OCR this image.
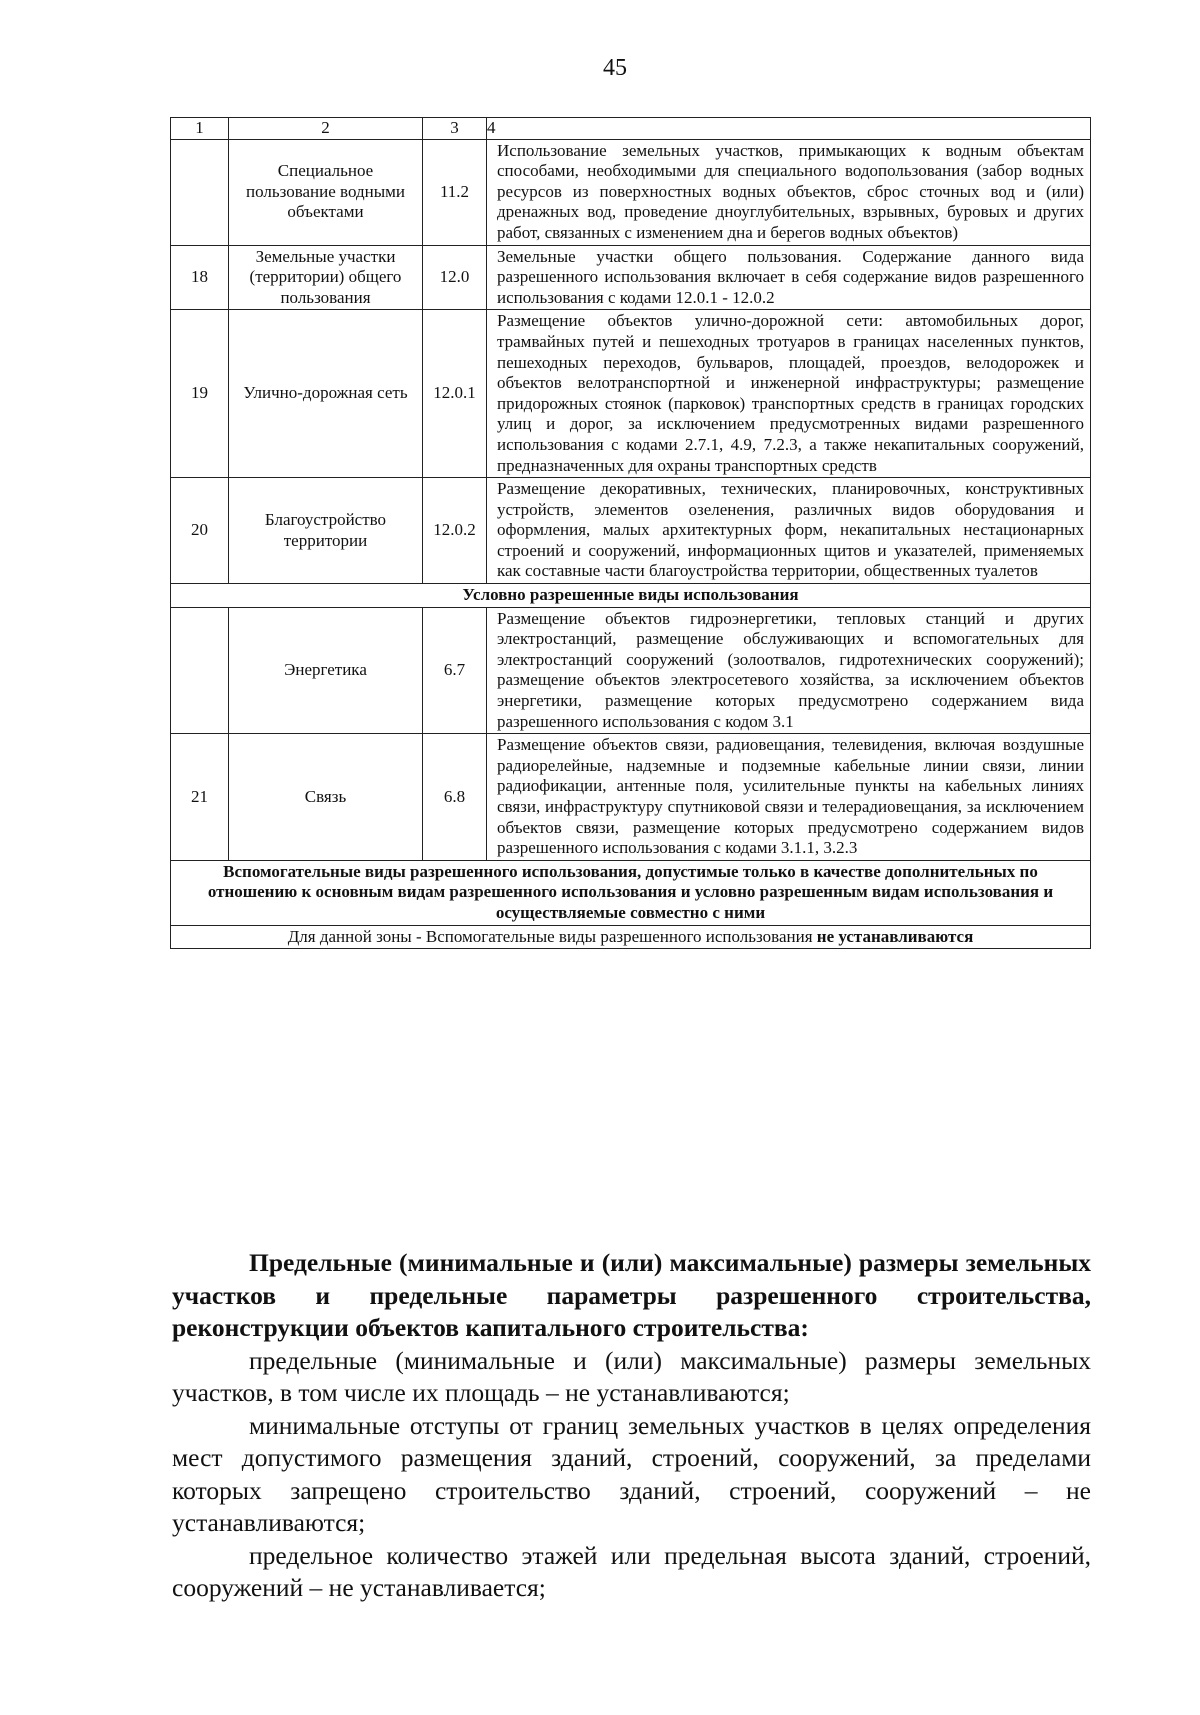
45
1	2	3	4
	Специальное пользование водными объектами	11.2	Использование земельных участков, примыкающих к водным объектам способами, необходимыми для специального водопользования (забор водных ресурсов из поверхностных водных объектов, сброс сточных вод и (или) дренажных вод, проведение дноуглубительных, взрывных, буровых и других работ, связанных с изменением дна и берегов водных объектов)
18	Земельные участки (территории) общего пользования	12.0	Земельные участки общего пользования. Содержание данного вида разрешенного использования включает в себя содержание видов разрешенного использования с кодами 12.0.1 - 12.0.2
19	Улично-дорожная сеть	12.0.1	Размещение объектов улично-дорожной сети: автомобильных дорог, трамвайных путей и пешеходных тротуаров в границах населенных пунктов, пешеходных переходов, бульваров, площадей, проездов, велодорожек и объектов велотранспортной и инженерной инфраструктуры; размещение придорожных стоянок (парковок) транспортных средств в границах городских улиц и дорог, за исключением предусмотренных видами разрешенного использования с кодами 2.7.1, 4.9, 7.2.3, а также некапитальных сооружений, предназначенных для охраны транспортных средств
20	Благоустройство территории	12.0.2	Размещение декоративных, технических, планировочных, конструктивных устройств, элементов озеленения, различных видов оборудования и оформления, малых архитектурных форм, некапитальных нестационарных строений и сооружений, информационных щитов и указателей, применяемых как составные части благоустройства территории, общественных туалетов
Условно разрешенные виды использования			
	Энергетика	6.7	Размещение объектов гидроэнергетики, тепловых станций и других электростанций, размещение обслуживающих и вспомогательных для электростанций сооружений (золоотвалов, гидротехнических сооружений); размещение объектов электросетевого хозяйства, за исключением объектов энергетики, размещение которых предусмотрено содержанием вида разрешенного использования с кодом 3.1
21	Связь	6.8	Размещение объектов связи, радиовещания, телевидения, включая воздушные радиорелейные, надземные и подземные кабельные линии связи, линии радиофикации, антенные поля, усилительные пункты на кабельных линиях связи, инфраструктуру спутниковой связи и телерадиовещания, за исключением объектов связи, размещение которых предусмотрено содержанием видов разрешенного использования с кодами 3.1.1, 3.2.3
Вспомогательные виды разрешенного использования, допустимые только в качестве дополнительных по отношению к основным видам разрешенного использования и условно разрешенным видам использования и осуществляемые совместно с ними			
Для данной зоны - Вспомогательные виды разрешенного использования не устанавливаются			

Предельные (минимальные и (или) максимальные) размеры земельных участков и предельные параметры разрешенного строительства, реконструкции объектов капитального строительства:

предельные (минимальные и (или) максимальные) размеры земельных участков, в том числе их площадь – не устанавливаются;

минимальные отступы от границ земельных участков в целях определения мест допустимого размещения зданий, строений, сооружений, за пределами которых запрещено строительство зданий, строений, сооружений – не устанавливаются;

предельное количество этажей или предельная высота зданий, строений, сооружений – не устанавливается;
